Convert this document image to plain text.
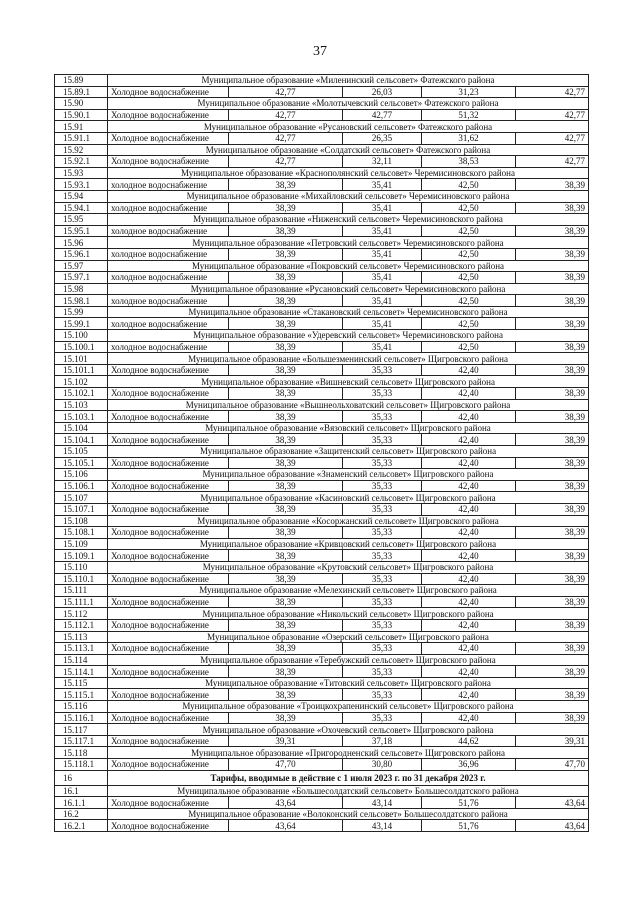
37
15.89	Муниципальное образование «Миленинский сельсовет» Фатежского района				
15.89.1	Холодное водоснабжение	42,77	26,03	31,23	42,77
15.90	Муниципальное образование «Молотычевский сельсовет» Фатежского района				
15.90.1	Холодное водоснабжение	42,77	42,77	51,32	42,77
15.91	Муниципальное образование «Русановский сельсовет» Фатежского района				
15.91.1	Холодное водоснабжение	42,77	26,35	31,62	42,77
15.92	Муниципальное образование «Солдатский сельсовет» Фатежского района				
15.92.1	Холодное водоснабжение	42,77	32,11	38,53	42,77
15.93	Муниципальное образование «Краснополянский сельсовет» Черемисиновского района				
15.93.1	холодное водоснабжение	38,39	35,41	42,50	38,39
15.94	Муниципальное образование «Михайловский сельсовет» Черемисиновского района				
15.94.1	холодное водоснабжение	38,39	35,41	42,50	38,39
15.95	Муниципальное образование «Ниженский сельсовет» Черемисиновского района				
15.95.1	холодное водоснабжение	38,39	35,41	42,50	38,39
15.96	Муниципальное образование «Петровский сельсовет» Черемисиновского района				
15.96.1	холодное водоснабжение	38,39	35,41	42,50	38,39
15.97	Муниципальное образование «Покровский сельсовет» Черемисиновского района				
15.97.1	холодное водоснабжение	38,39	35,41	42,50	38,39
15.98	Муниципальное образование «Русановский сельсовет» Черемисиновского района				
15.98.1	холодное водоснабжение	38,39	35,41	42,50	38,39
15.99	Муниципальное образование «Стакановский сельсовет» Черемисиновского района				
15.99.1	холодное водоснабжение	38,39	35,41	42,50	38,39
15.100	Муниципальное образование «Удеревский сельсовет» Черемисиновского района				
15.100.1	холодное водоснабжение	38,39	35,41	42,50	38,39
15.101	Муниципальное образование «Большезменинский сельсовет» Щигровского района				
15.101.1	Холодное водоснабжение	38,39	35,33	42,40	38,39
15.102	Муниципальное образование «Вишневский сельсовет» Щигровского района				
15.102.1	Холодное водоснабжение	38,39	35,33	42,40	38,39
15.103	Муниципальное образование «Вышнеольховатский сельсовет» Щигровского района				
15.103.1	Холодное водоснабжение	38,39	35,33	42,40	38,39
15.104	Муниципальное образование «Вязовский сельсовет» Щигровского района				
15.104.1	Холодное водоснабжение	38,39	35,33	42,40	38,39
15.105	Муниципальное образование «Защитенский сельсовет» Щигровского района				
15.105.1	Холодное водоснабжение	38,39	35,33	42,40	38,39
15.106	Муниципальное образование «Знаменский сельсовет» Щигровского района				
15.106.1	Холодное водоснабжение	38,39	35,33	42,40	38,39
15.107	Муниципальное образование «Касиновский сельсовет» Щигровского района				
15.107.1	Холодное водоснабжение	38,39	35,33	42,40	38,39
15.108	Муниципальное образование «Косоржанский сельсовет» Щигровского района				
15.108.1	Холодное водоснабжение	38,39	35,33	42,40	38,39
15.109	Муниципальное образование «Кривцовский сельсовет» Щигровского района				
15.109.1	Холодное водоснабжение	38,39	35,33	42,40	38,39
15.110	Муниципальное образование «Крутовский сельсовет» Щигровского района				
15.110.1	Холодное водоснабжение	38,39	35,33	42,40	38,39
15.111	Муниципальное образование «Мелехинский сельсовет» Щигровского района				
15.111.1	Холодное водоснабжение	38,39	35,33	42,40	38,39
15.112	Муниципальное образование «Никольский сельсовет» Щигровского района				
15.112.1	Холодное водоснабжение	38,39	35,33	42,40	38,39
15.113	Муниципальное образование «Озерский сельсовет» Щигровского района				
15.113.1	Холодное водоснабжение	38,39	35,33	42,40	38,39
15.114	Муниципальное образование «Теребужский сельсовет» Щигровского района				
15.114.1	Холодное водоснабжение	38,39	35,33	42,40	38,39
15.115	Муниципальное образование «Титовский сельсовет» Щигровского района				
15.115.1	Холодное водоснабжение	38,39	35,33	42,40	38,39
15.116	Муниципальное образование «Троицкохрапенинский сельсовет» Щигровского района				
15.116.1	Холодное водоснабжение	38,39	35,33	42,40	38,39
15.117	Муниципальное образование «Охочевский сельсовет» Щигровского района				
15.117.1	Холодное водоснабжение	39,31	37,18	44,62	39,31
15.118	Муниципальное образование «Пригородненский сельсовет» Щигровского района				
15.118.1	Холодное водоснабжение	47,70	30,80	36,96	47,70
16	Тарифы, вводимые в действие с 1 июля 2023 г. по 31 декабря 2023 г.				
16.1	Муниципальное образование «Большесолдатский сельсовет» Большесолдатского района				
16.1.1	Холодное водоснабжение	43,64	43,14	51,76	43,64
16.2	Муниципальное образование «Волоконский сельсовет» Большесолдатского района				
16.2.1	Холодное водоснабжение	43,64	43,14	51,76	43,64
